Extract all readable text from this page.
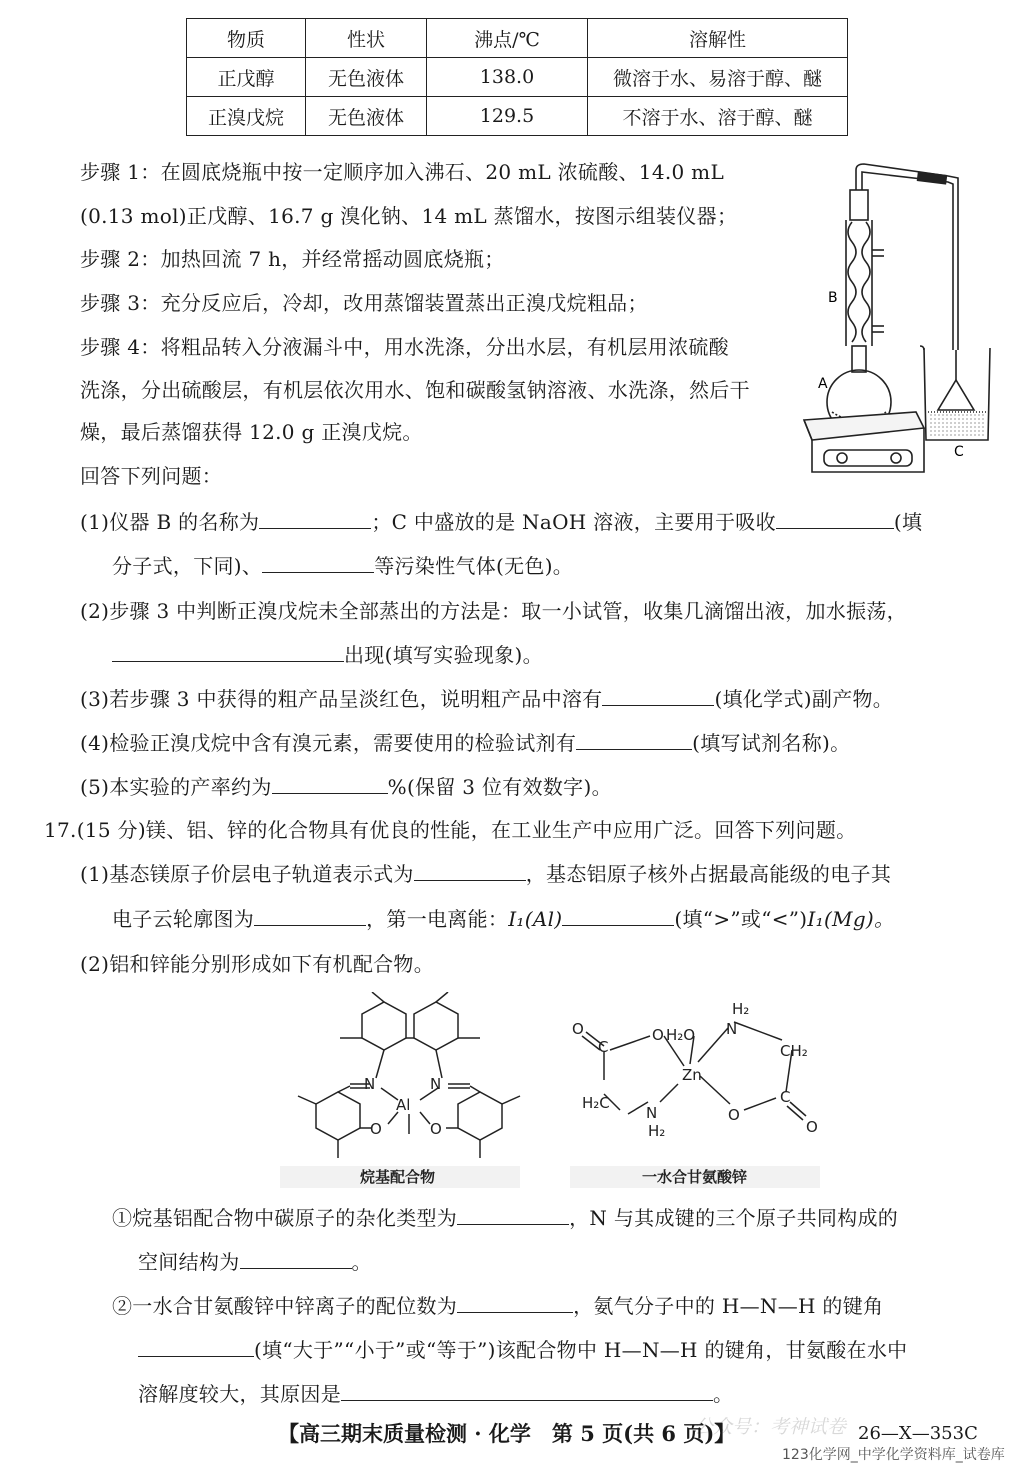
物质	性状	沸点/℃	溶解性
正戊醇	无色液体	138.0	微溶于水、易溶于醇、醚
正溴戊烷	无色液体	129.5	不溶于水、溶于醇、醚
步骤 1：在圆底烧瓶中按一定顺序加入沸石、20 mL 浓硫酸、14.0 mL
(0.13 mol)正戊醇、16.7 g 溴化钠、14 mL 蒸馏水，按图示组装仪器；
步骤 2：加热回流 7 h，并经常摇动圆底烧瓶；
步骤 3：充分反应后，冷却，改用蒸馏装置蒸出正溴戊烷粗品；
步骤 4：将粗品转入分液漏斗中，用水洗涤，分出水层，有机层用浓硫酸
洗涤，分出硫酸层，有机层依次用水、饱和碳酸氢钠溶液、水洗涤，然后干
燥，最后蒸馏获得 12.0 g 正溴戊烷。
回答下列问题：
B
A
C
(1)仪器 B 的名称为	；C 中盛放的是 NaOH 溶液，主要用于吸收	(填
分子式，下同)、	等污染性气体(无色)。
(2)步骤 3 中判断正溴戊烷未全部蒸出的方法是：取一小试管，收集几滴馏出液，加水振荡，
出现(填写实验现象)。
(3)若步骤 3 中获得的粗产品呈淡红色，说明粗产品中溶有	(填化学式)副产物。
(4)检验正溴戊烷中含有溴元素，需要使用的检验试剂有	(填写试剂名称)。
(5)本实验的产率约为	%(保留 3 位有效数字)。
17.(15 分)镁、铝、锌的化合物具有优良的性能，在工业生产中应用广泛。回答下列问题。
(1)基态镁原子价层电子轨道表示式为	，基态铝原子核外占据最高能级的电子其
电子云轮廓图为	，第一电离能：I₁(Al)	(填“>”或“<”)I₁(Mg)。
(2)铝和锌能分别形成如下有机配合物。
N	N
Al
O	O
O
C
O H₂O
H₂
N
CH₂
Zn
H₂C
N
H₂
O
C
O
烷基配合物	一水合甘氨酸锌
①烷基铝配合物中碳原子的杂化类型为	，N 与其成键的三个原子共同构成的
空间结构为	。
②一水合甘氨酸锌中锌离子的配位数为	，氨气分子中的 H—N—H 的键角
(填“大于”“小于”或“等于”)该配合物中 H—N—H 的键角，甘氨酸在水中
溶解度较大，其原因是	。
公众号：考神试卷
【高三期末质量检测 · 化学　第 5 页(共 6 页)】	26—X—353C
123化学网_中学化学资料库_试卷库
